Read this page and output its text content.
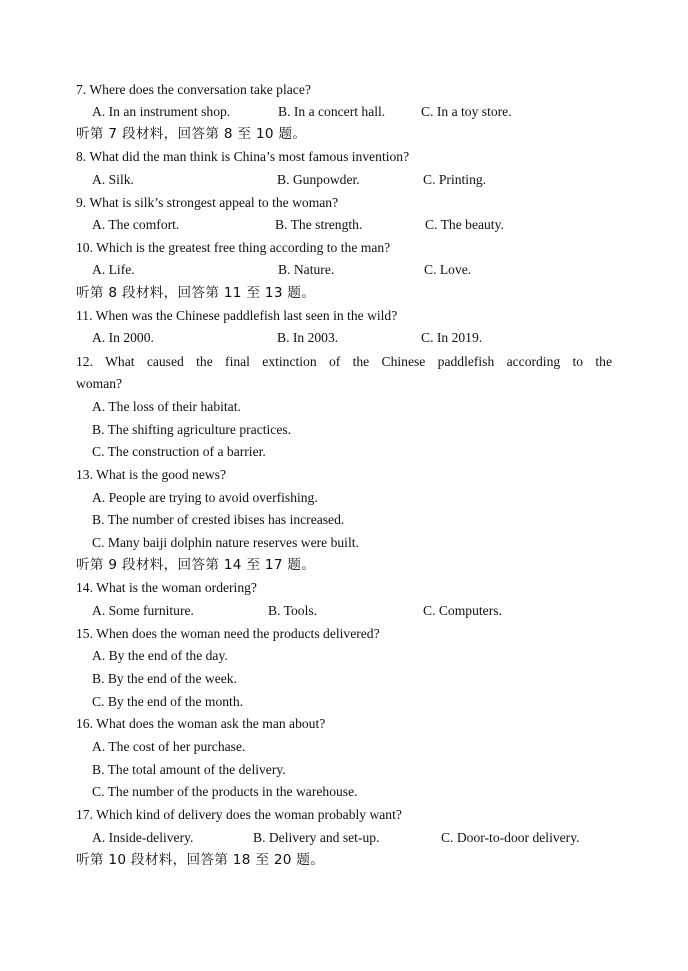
7. Where does the conversation take place?
A. In an instrument shop.	B. In a concert hall.	C. In a toy store.
听第 7 段材料，回答第 8 至 10 题。
8. What did the man think is China’s most famous invention?
A. Silk.	B. Gunpowder.	C. Printing.
9. What is silk’s strongest appeal to the woman?
A. The comfort.	B. The strength.	C. The beauty.
10. Which is the greatest free thing according to the man?
A. Life.	B. Nature.	C. Love.
听第 8 段材料，回答第 11 至 13 题。
11. When was the Chinese paddlefish last seen in the wild?
A. In 2000.	B. In 2003.	C. In 2019.
12. What caused the final extinction of the Chinese paddlefish according to the
woman?
A. The loss of their habitat.
B. The shifting agriculture practices.
C. The construction of a barrier.
13. What is the good news?
A. People are trying to avoid overfishing.
B. The number of crested ibises has increased.
C. Many baiji dolphin nature reserves were built.
听第 9 段材料，回答第 14 至 17 题。
14. What is the woman ordering?
A. Some furniture.	B. Tools.	C. Computers.
15. When does the woman need the products delivered?
A. By the end of the day.
B. By the end of the week.
C. By the end of the month.
16. What does the woman ask the man about?
A. The cost of her purchase.
B. The total amount of the delivery.
C. The number of the products in the warehouse.
17. Which kind of delivery does the woman probably want?
A. Inside-delivery.	B. Delivery and set-up.	C. Door-to-door delivery.
听第 10 段材料，回答第 18 至 20 题。
